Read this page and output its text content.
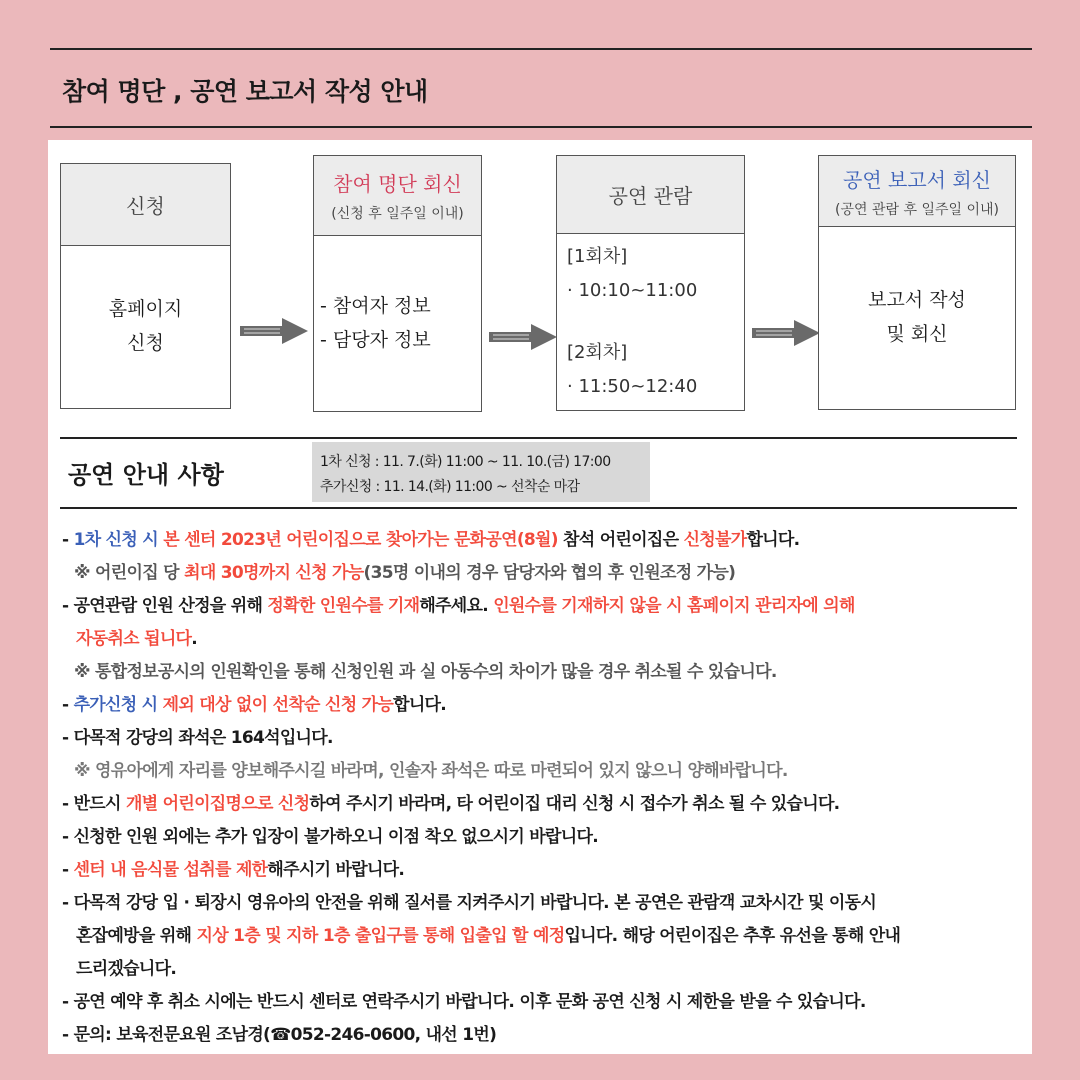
참여 명단 , 공연 보고서 작성 안내
신청
홈페이지
신청
참여 명단 회신
(신청 후 일주일 이내)
- 참여자 정보
- 담당자 정보
공연 관람
[1회차]
· 10:10~11:00
[2회차]
· 11:50~12:40
공연 보고서 회신
(공연 관람 후 일주일 이내)
보고서 작성
및 회신
공연 안내 사항	1차 신청 : 11. 7.(화) 11:00 ~ 11. 10.(금) 17:00
추가신청 : 11. 14.(화) 11:00 ~ 선착순 마감

- 1차 신청 시 본 센터 2023년 어린이집으로 찾아가는 문화공연(8월) 참석 어린이집은 신청불가합니다.

※ 어린이집 당 최대 30명까지 신청 가능(35명 이내의 경우 담당자와 협의 후 인원조정 가능)

- 공연관람 인원 산정을 위해 정확한 인원수를 기재해주세요. 인원수를 기재하지 않을 시 홈페이지 관리자에 의해

자동취소 됩니다.

※ 통합정보공시의 인원확인을 통해 신청인원 과 실 아동수의 차이가 많을 경우 취소될 수 있습니다.

- 추가신청 시 제외 대상 없이 선착순 신청 가능합니다.

- 다목적 강당의 좌석은 164석입니다.

※ 영유아에게 자리를 양보해주시길 바라며, 인솔자 좌석은 따로 마련되어 있지 않으니 양해바랍니다.

- 반드시 개별 어린이집명으로 신청하여 주시기 바라며, 타 어린이집 대리 신청 시 접수가 취소 될 수 있습니다.

- 신청한 인원 외에는 추가 입장이 불가하오니 이점 착오 없으시기 바랍니다.

- 센터 내 음식물 섭취를 제한해주시기 바랍니다.

- 다목적 강당 입 · 퇴장시 영유아의 안전을 위해 질서를 지켜주시기 바랍니다. 본 공연은 관람객 교차시간 및 이동시

혼잡예방을 위해 지상 1층 및 지하 1층 출입구를 통해 입출입 할 예정입니다. 해당 어린이집은 추후 유선을 통해 안내

드리겠습니다.

- 공연 예약 후 취소 시에는 반드시 센터로 연락주시기 바랍니다. 이후 문화 공연 신청 시 제한을 받을 수 있습니다.

- 문의: 보육전문요원 조남경(☎052-246-0600, 내선 1번)
